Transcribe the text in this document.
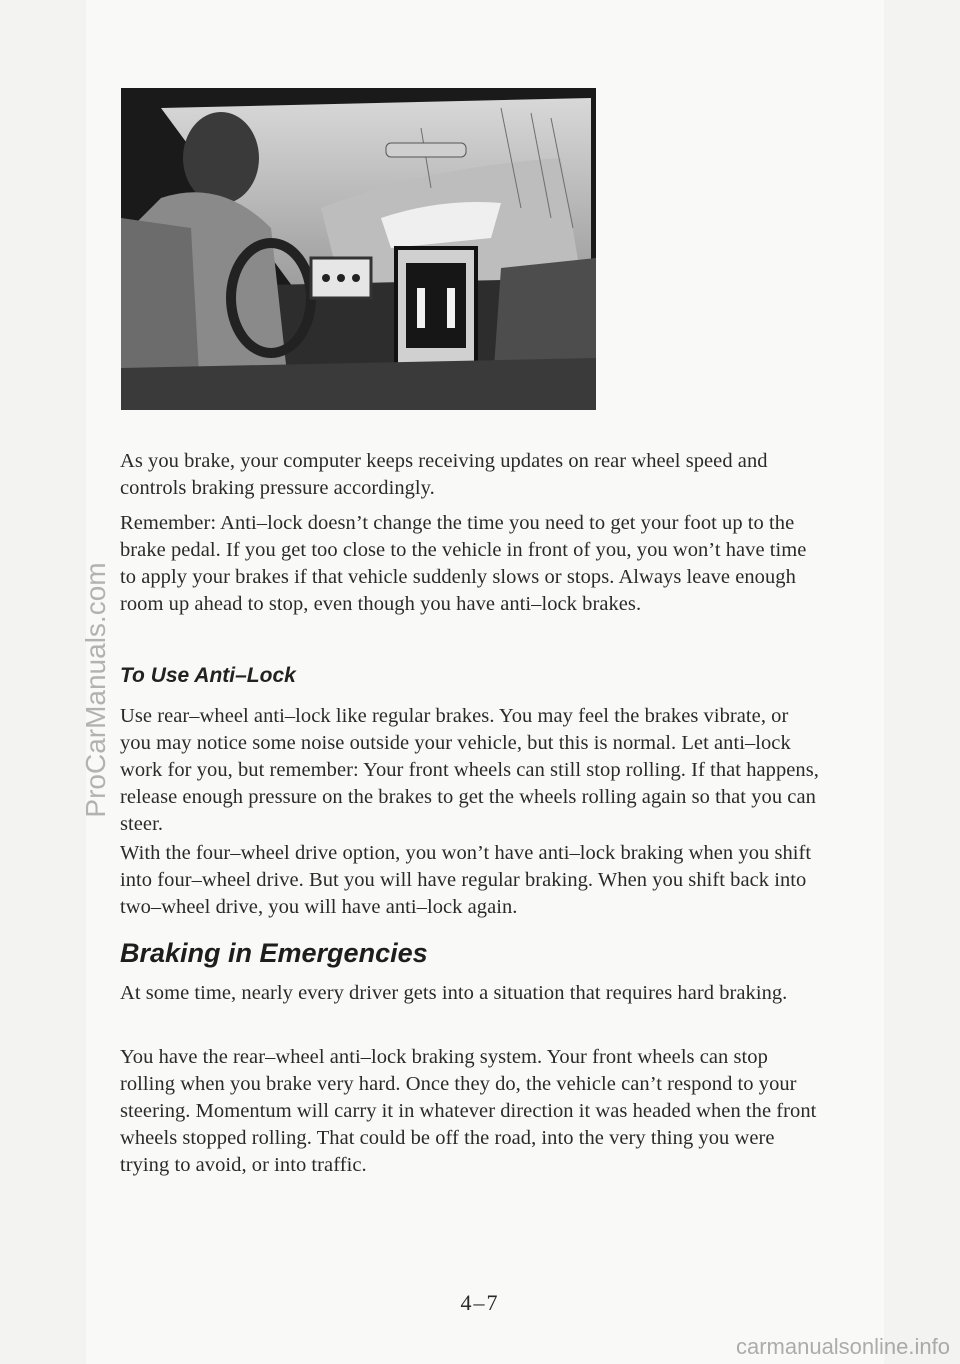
As you brake, your computer keeps receiving updates on rear wheel speed and controls braking pressure accordingly.

Remember: Anti–lock doesn’t change the time you need to get your foot up to the brake pedal. If you get too close to the vehicle in front of you, you won’t have time to apply your brakes if that vehicle suddenly slows or stops. Always leave enough room up ahead to stop, even though you have anti–lock brakes.

To Use Anti–Lock

Use rear–wheel anti–lock like regular brakes. You may feel the brakes vibrate, or you may notice some noise outside your vehicle, but this is normal. Let anti–lock work for you, but remember: Your front wheels can still stop rolling. If that happens, release enough pressure on the brakes to get the wheels rolling again so that you can steer.

With the four–wheel drive option, you won’t have anti–lock braking when you shift into four–wheel drive. But you will have regular braking. When you shift back into two–wheel drive, you will have anti–lock again.

Braking in Emergencies

At some time, nearly every driver gets into a situation that requires hard braking.

You have the rear–wheel anti–lock braking system. Your front wheels can stop rolling when you brake very hard. Once they do, the vehicle can’t respond to your steering. Momentum will carry it in whatever direction it was headed when the front wheels stopped rolling. That could be off the road, into the very thing you were trying to avoid, or into traffic.

4–7
ProCarManuals.com
carmanualsonline.info
